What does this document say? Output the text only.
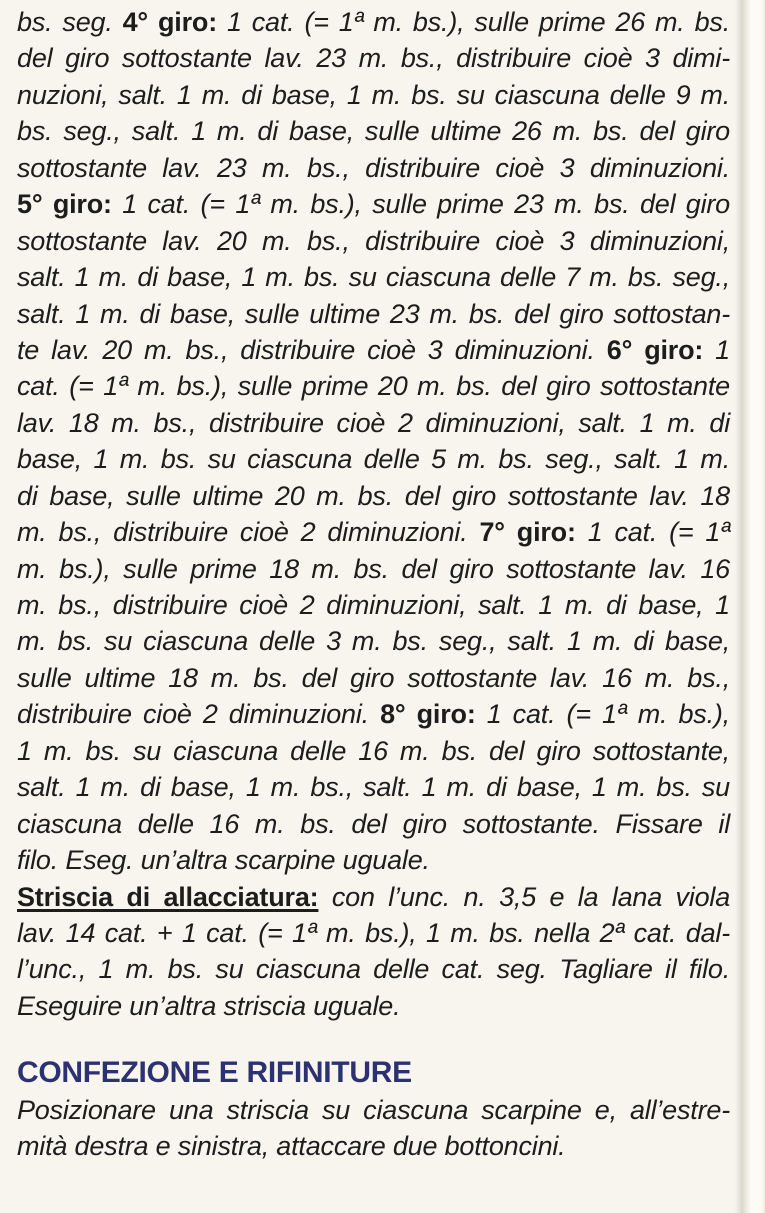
bs. seg. 4° giro: 1 cat. (= 1ª m. bs.), sulle prime 26 m. bs.
del giro sottostante lav. 23 m. bs., distribuire cioè 3 dimi-
nuzioni, salt. 1 m. di base, 1 m. bs. su ciascuna delle 9 m.
bs. seg., salt. 1 m. di base, sulle ultime 26 m. bs. del giro
sottostante lav. 23 m. bs., distribuire cioè 3 diminuzioni.
5° giro: 1 cat. (= 1ª m. bs.), sulle prime 23 m. bs. del giro
sottostante lav. 20 m. bs., distribuire cioè 3 diminuzioni,
salt. 1 m. di base, 1 m. bs. su ciascuna delle 7 m. bs. seg.,
salt. 1 m. di base, sulle ultime 23 m. bs. del giro sottostan-
te lav. 20 m. bs., distribuire cioè 3 diminuzioni. 6° giro: 1
cat. (= 1ª m. bs.), sulle prime 20 m. bs. del giro sottostante
lav. 18 m. bs., distribuire cioè 2 diminuzioni, salt. 1 m. di
base, 1 m. bs. su ciascuna delle 5 m. bs. seg., salt. 1 m.
di base, sulle ultime 20 m. bs. del giro sottostante lav. 18
m. bs., distribuire cioè 2 diminuzioni. 7° giro: 1 cat. (= 1ª
m. bs.), sulle prime 18 m. bs. del giro sottostante lav. 16
m. bs., distribuire cioè 2 diminuzioni, salt. 1 m. di base, 1
m. bs. su ciascuna delle 3 m. bs. seg., salt. 1 m. di base,
sulle ultime 18 m. bs. del giro sottostante lav. 16 m. bs.,
distribuire cioè 2 diminuzioni. 8° giro: 1 cat. (= 1ª m. bs.),
1 m. bs. su ciascuna delle 16 m. bs. del giro sottostante,
salt. 1 m. di base, 1 m. bs., salt. 1 m. di base, 1 m. bs. su
ciascuna delle 16 m. bs. del giro sottostante. Fissare il
filo. Eseg. un’altra scarpine uguale.
Striscia di allacciatura: con l’unc. n. 3,5 e la lana viola
lav. 14 cat. + 1 cat. (= 1ª m. bs.), 1 m. bs. nella 2ª cat. dal-
l’unc., 1 m. bs. su ciascuna delle cat. seg. Tagliare il filo.
Eseguire un’altra striscia uguale.
CONFEZIONE E RIFINITURE
Posizionare una striscia su ciascuna scarpine e, all’estre-
mità destra e sinistra, attaccare due bottoncini.
